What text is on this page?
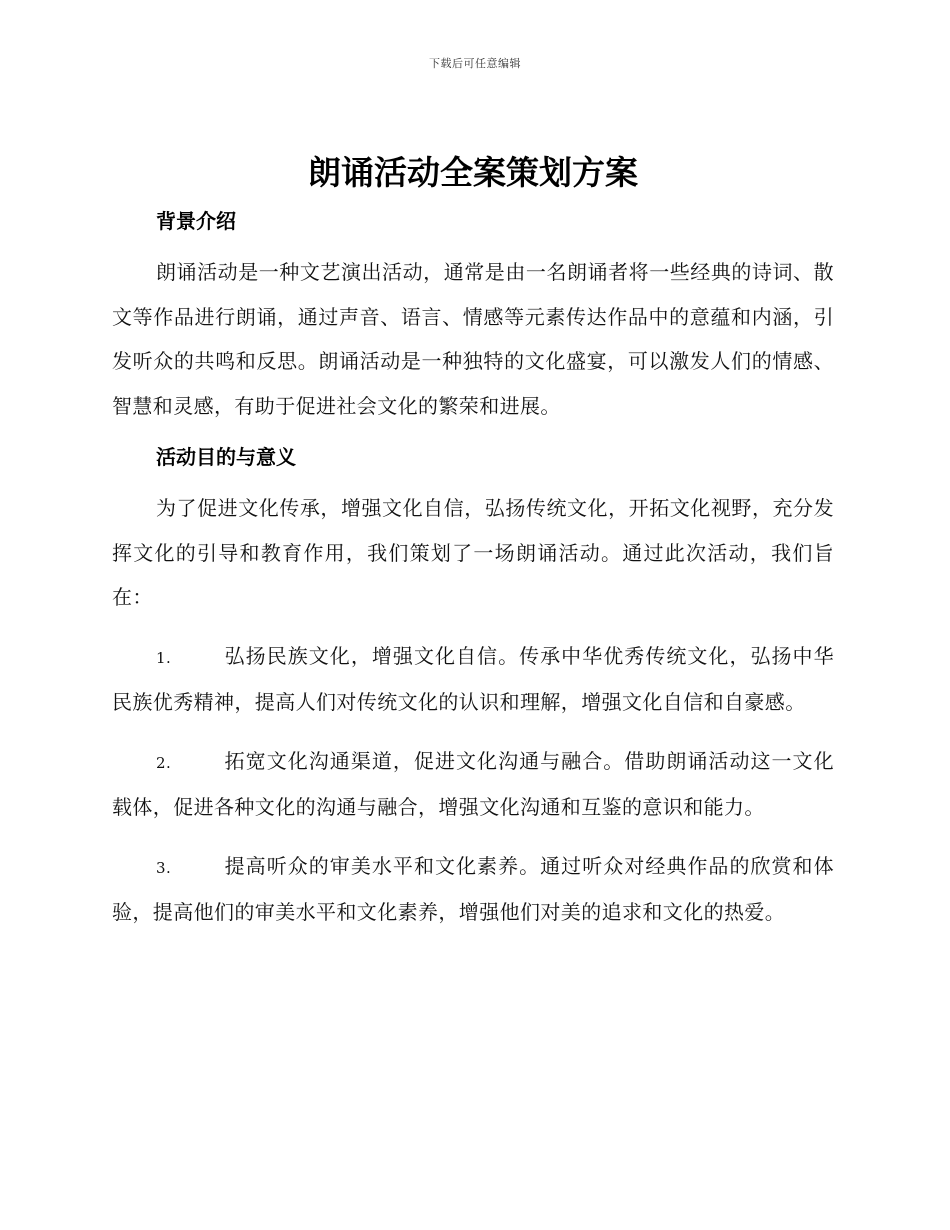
下载后可任意编辑
朗诵活动全案策划方案
背景介绍

朗诵活动是一种文艺演出活动，通常是由一名朗诵者将一些经典的诗词、散文等作品进行朗诵，通过声音、语言、情感等元素传达作品中的意蕴和内涵，引发听众的共鸣和反思。朗诵活动是一种独特的文化盛宴，可以激发人们的情感、智慧和灵感，有助于促进社会文化的繁荣和进展。

活动目的与意义

为了促进文化传承，增强文化自信，弘扬传统文化，开拓文化视野，充分发挥文化的引导和教育作用，我们策划了一场朗诵活动。通过此次活动，我们旨在：

1.	弘扬民族文化，增强文化自信。传承中华优秀传统文化，弘扬中华民族优秀精神，提高人们对传统文化的认识和理解，增强文化自信和自豪感。

2.	拓宽文化沟通渠道，促进文化沟通与融合。借助朗诵活动这一文化载体，促进各种文化的沟通与融合，增强文化沟通和互鉴的意识和能力。

3.	提高听众的审美水平和文化素养。通过听众对经典作品的欣赏和体验，提高他们的审美水平和文化素养，增强他们对美的追求和文化的热爱。
